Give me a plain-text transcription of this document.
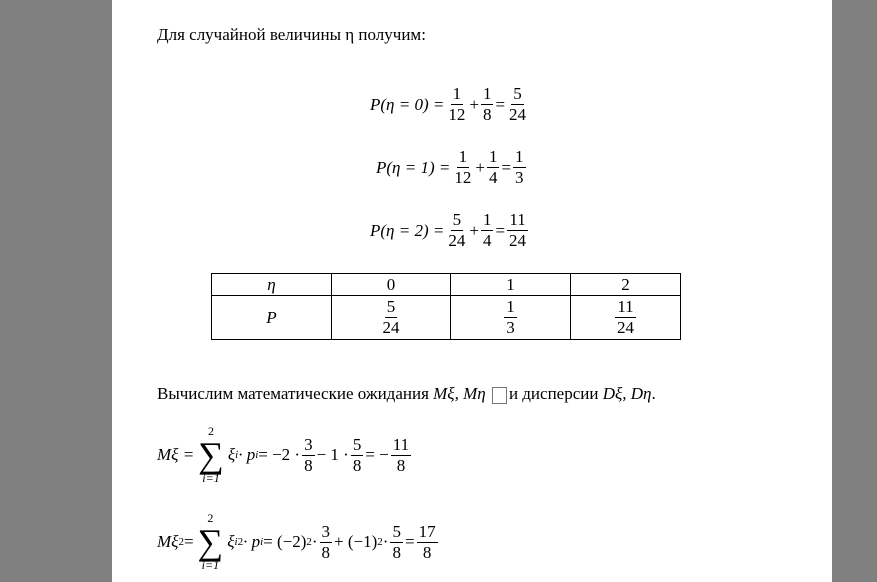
Для случайной величины η получим:
$P(\eta = 0) = \frac{1}{12} + \frac{1}{8} = \frac{5}{24}$
$P(\eta = 1) = \frac{1}{12} + \frac{1}{4} = \frac{1}{3}$
$P(\eta = 2) = \frac{5}{24} + \frac{1}{4} = \frac{11}{24}$
η	0	1	2
P	$\frac{5}{24}$	$\frac{1}{3}$	$\frac{11}{24}$
Вычислим математические ожидания Mξ, Mη и дисперсии Dξ, Dη.
Mξ =
2
∑
i=1
ξ i · p $i = -2 \cdot \frac{3}{8} - 1 \cdot \frac{5}{8}$ = − $\frac{11}{8}$
Mξ 2 =
2
∑
i=1
ξ i 2 · p i = (−2) $2 \cdot \frac{3}{8} + (-1) 2 \cdot \frac{5}{8} = \frac{17}{8}$
